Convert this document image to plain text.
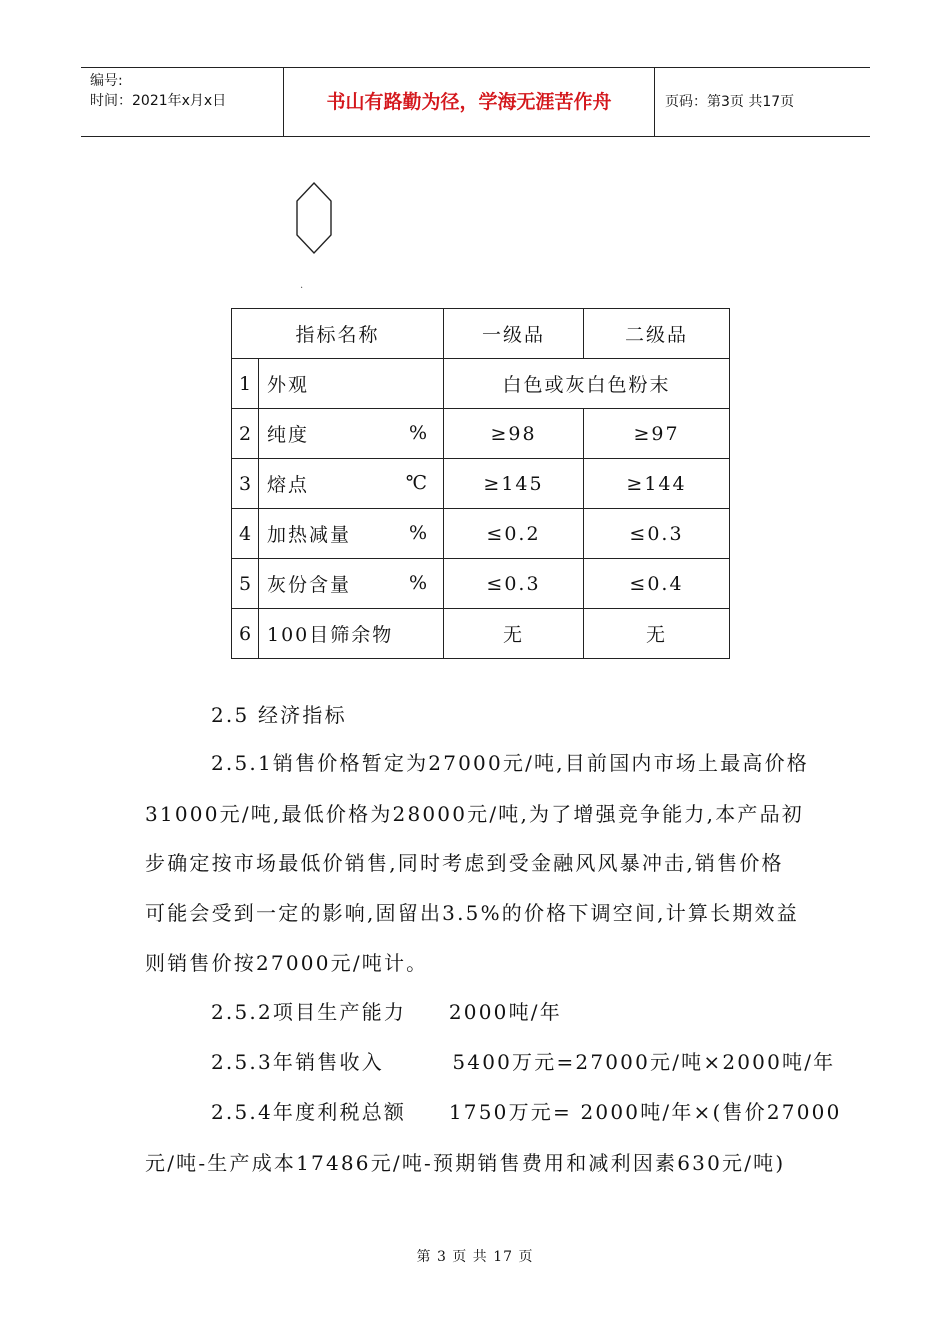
编号:
时间：2021年x月x日	书山有路勤为径，学海无涯苦作舟	页码：第3页 共17页
.
指标名称		一级品	二级品
1	外观	白色或灰白色粉末	
2	纯度 %	≥98	≥97
3	熔点 ℃	≥145	≥144
4	加热减量 %	≤0.2	≤0.3
5	灰份含量 %	≤0.3	≤0.4
6	100目筛余物	无	无
2.5 经济指标
2.5.1销售价格暂定为27000元/吨,目前国内市场上最高价格
31000元/吨,最低价格为28000元/吨,为了增强竞争能力,本产品初
步确定按市场最低价销售,同时考虑到受金融风风暴冲击,销售价格
可能会受到一定的影响,固留出3.5%的价格下调空间,计算长期效益
则销售价按27000元/吨计。
2.5.2项目生产能力     2000吨/年
2.5.3年销售收入        5400万元=27000元/吨×2000吨/年
2.5.4年度利税总额     1750万元= 2000吨/年×(售价27000
元/吨-生产成本17486元/吨-预期销售费用和减利因素630元/吨)
第 3 页 共 17 页
